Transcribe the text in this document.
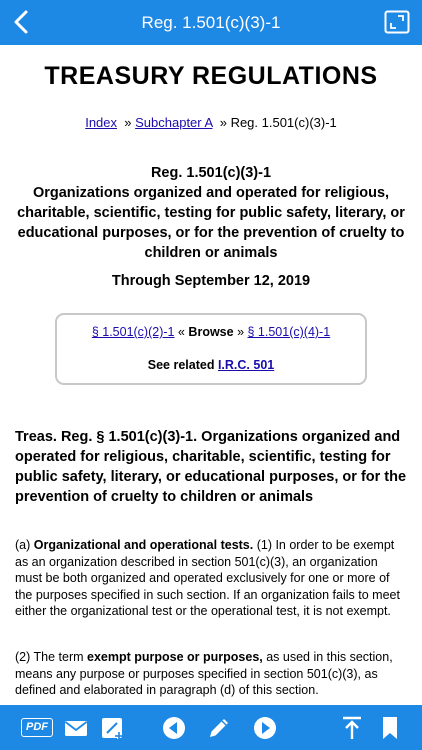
Reg. 1.501(c)(3)-1
TREASURY REGULATIONS
Index » Subchapter A » Reg. 1.501(c)(3)-1
Reg. 1.501(c)(3)-1
Organizations organized and operated for religious, charitable, scientific, testing for public safety, literary, or educational purposes, or for the prevention of cruelty to children or animals
Through September 12, 2019
§ 1.501(c)(2)-1 « Browse » § 1.501(c)(4)-1
See related I.R.C. 501
Treas. Reg. § 1.501(c)(3)-1. Organizations organized and operated for religious, charitable, scientific, testing for public safety, literary, or educational purposes, or for the prevention of cruelty to children or animals
(a) Organizational and operational tests. (1) In order to be exempt as an organization described in section 501(c)(3), an organization must be both organized and operated exclusively for one or more of the purposes specified in such section. If an organization fails to meet either the organizational test or the operational test, it is not exempt.
(2) The term exempt purpose or purposes, as used in this section, means any purpose or purposes specified in section 501(c)(3), as defined and elaborated in paragraph (d) of this section.
PDF
